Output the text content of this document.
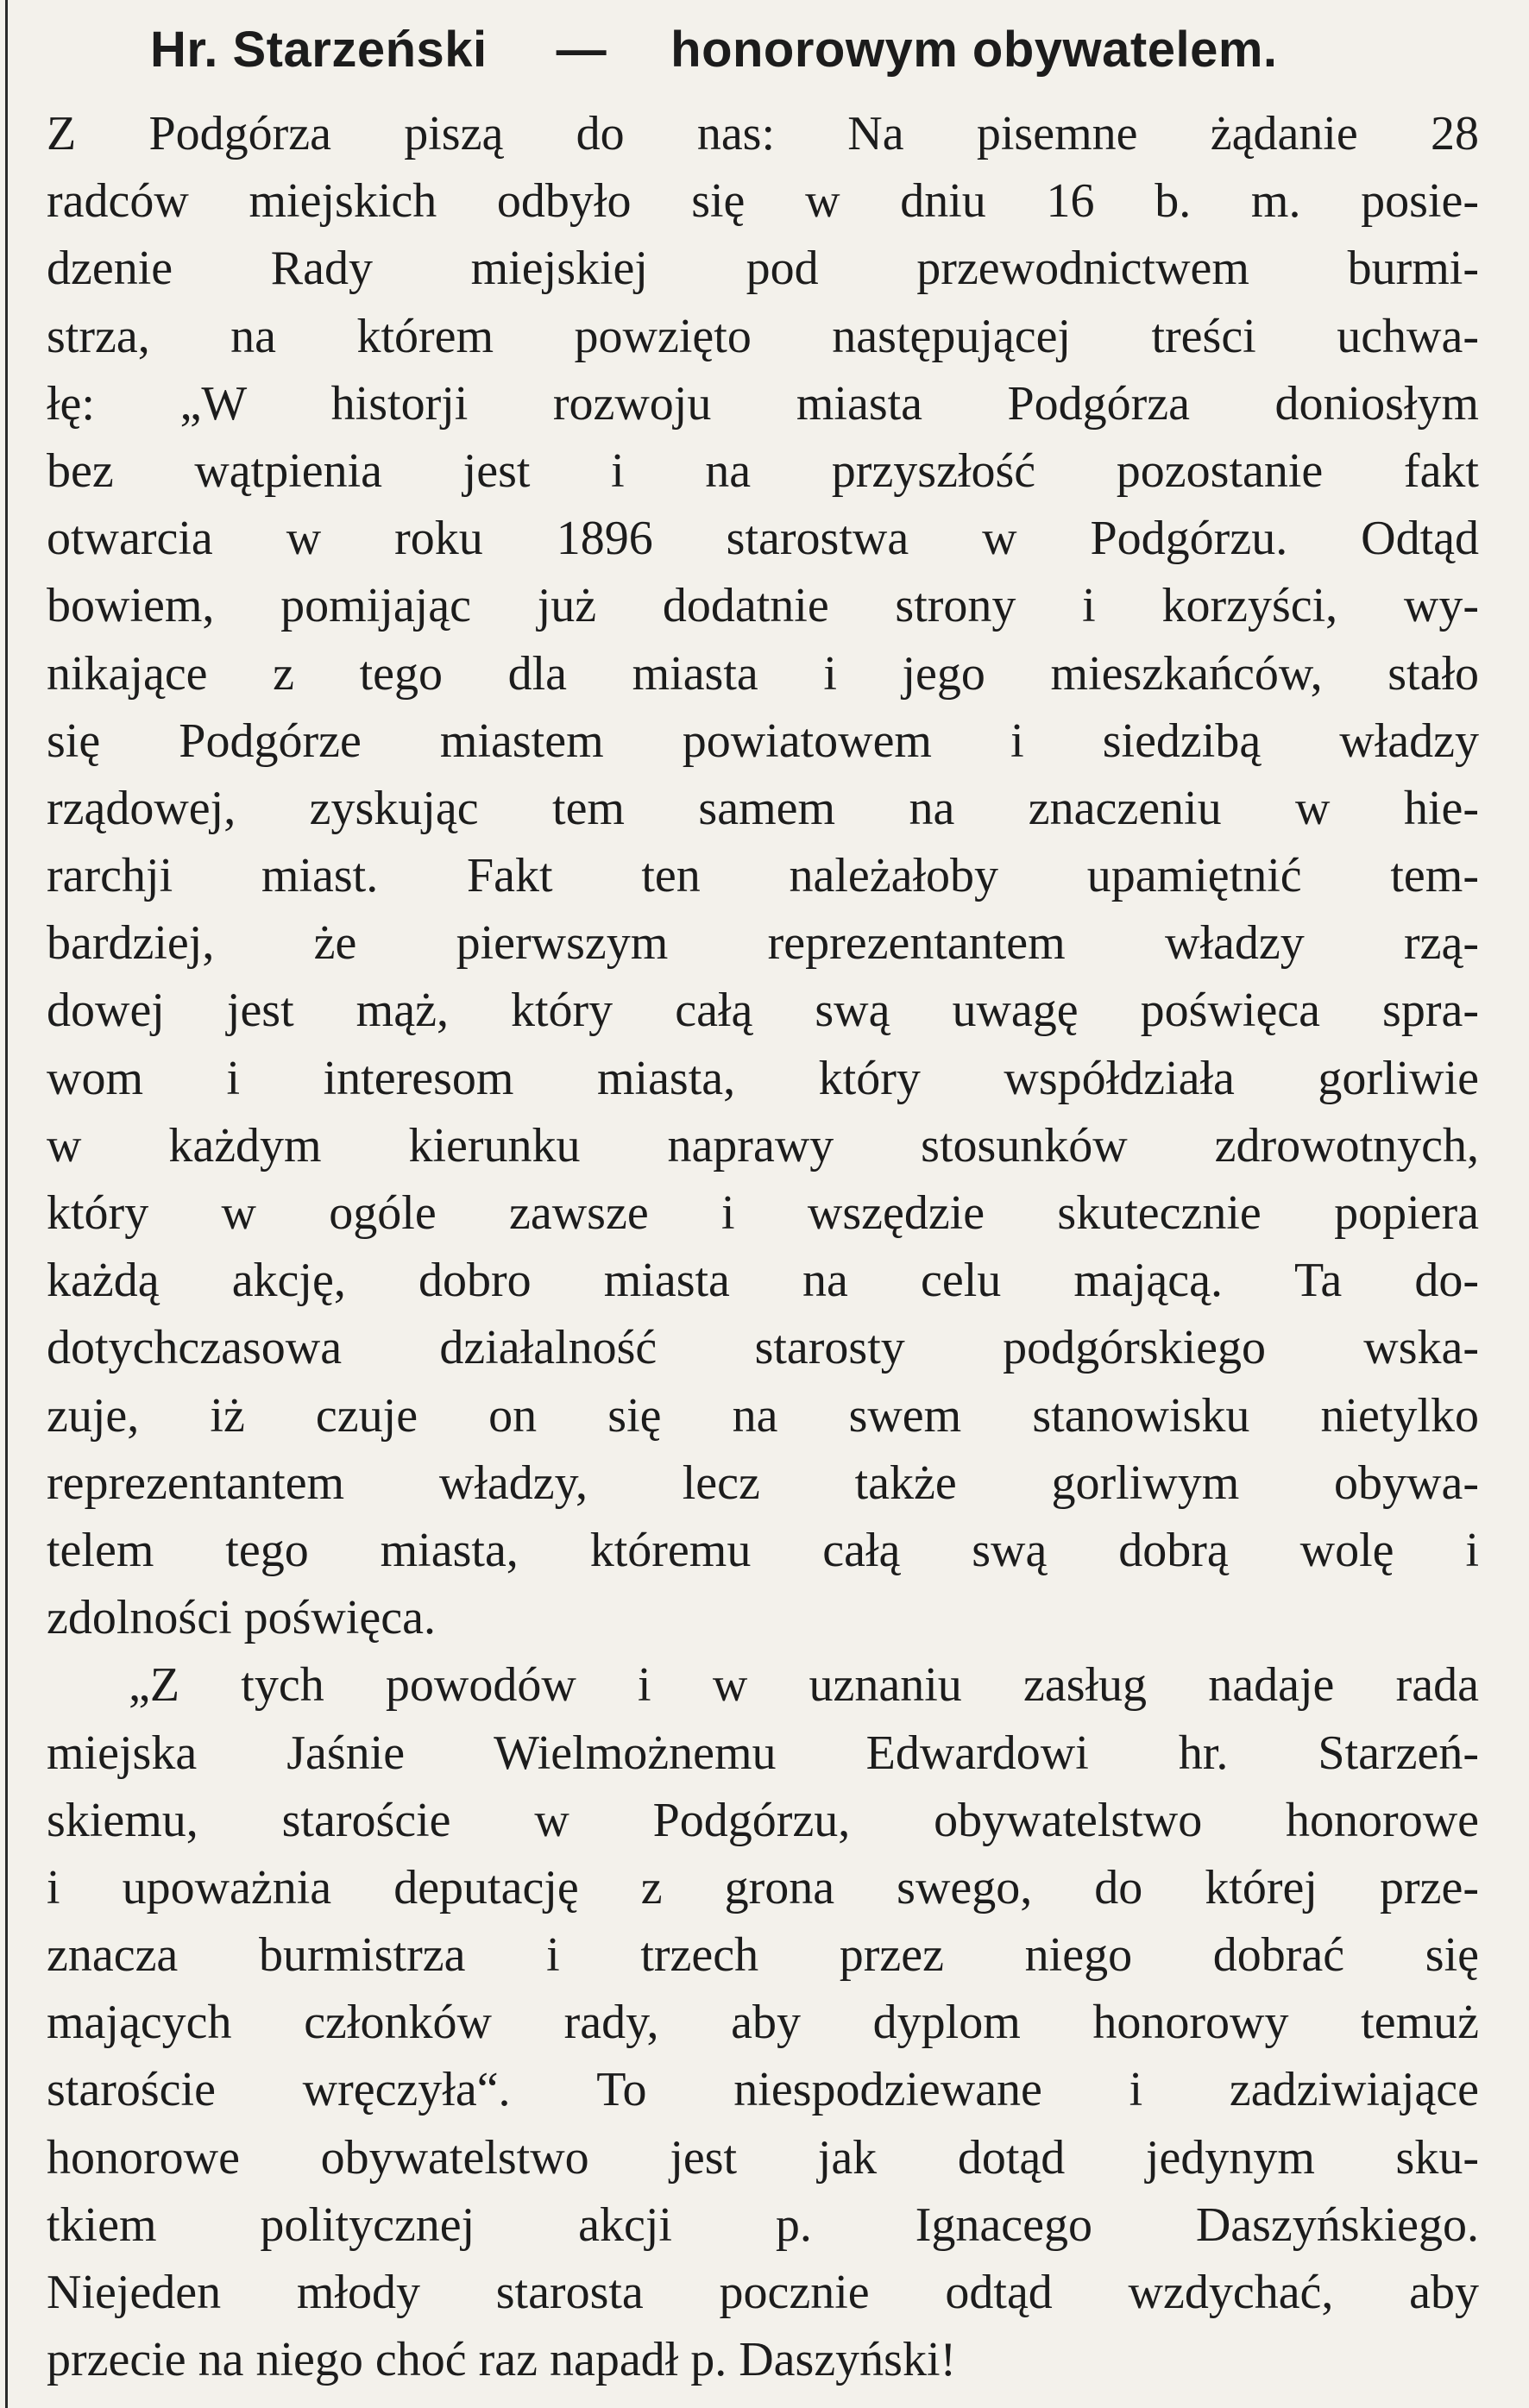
Hr. Starzeński — honorowym obywatelem.
Z Podgórza piszą do nas: Na pisemne żądanie 28
radców miejskich odbyło się w dniu 16 b. m. posie-
dzenie Rady miejskiej pod przewodnictwem burmi-
strza, na którem powzięto następującej treści uchwa-
łę: „W historji rozwoju miasta Podgórza doniosłym
bez wątpienia jest i na przyszłość pozostanie fakt
otwarcia w roku 1896 starostwa w Podgórzu. Odtąd
bowiem, pomijając już dodatnie strony i korzyści, wy-
nikające z tego dla miasta i jego mieszkańców, stało
się Podgórze miastem powiatowem i siedzibą władzy
rządowej, zyskując tem samem na znaczeniu w hie-
rarchji miast. Fakt ten należałoby upamiętnić tem-
bardziej, że pierwszym reprezentantem władzy rzą-
dowej jest mąż, który całą swą uwagę poświęca spra-
wom i interesom miasta, który współdziała gorliwie
w każdym kierunku naprawy stosunków zdrowotnych,
który w ogóle zawsze i wszędzie skutecznie popiera
każdą akcję, dobro miasta na celu mającą. Ta do-
dotychczasowa działalność starosty podgórskiego wska-
zuje, iż czuje on się na swem stanowisku nietylko
reprezentantem władzy, lecz także gorliwym obywa-
telem tego miasta, któremu całą swą dobrą wolę i
zdolności poświęca.
„Z tych powodów i w uznaniu zasług nadaje rada
miejska Jaśnie Wielmożnemu Edwardowi hr. Starzeń-
skiemu, staroście w Podgórzu, obywatelstwo honorowe
i upoważnia deputację z grona swego, do której prze-
znacza burmistrza i trzech przez niego dobrać się
mających członków rady, aby dyplom honorowy temuż
staroście wręczyła“. To niespodziewane i zadziwiające
honorowe obywatelstwo jest jak dotąd jedynym sku-
tkiem politycznej akcji p. Ignacego Daszyńskiego.
Niejeden młody starosta pocznie odtąd wzdychać, aby
przecie na niego choć raz napadł p. Daszyński!
